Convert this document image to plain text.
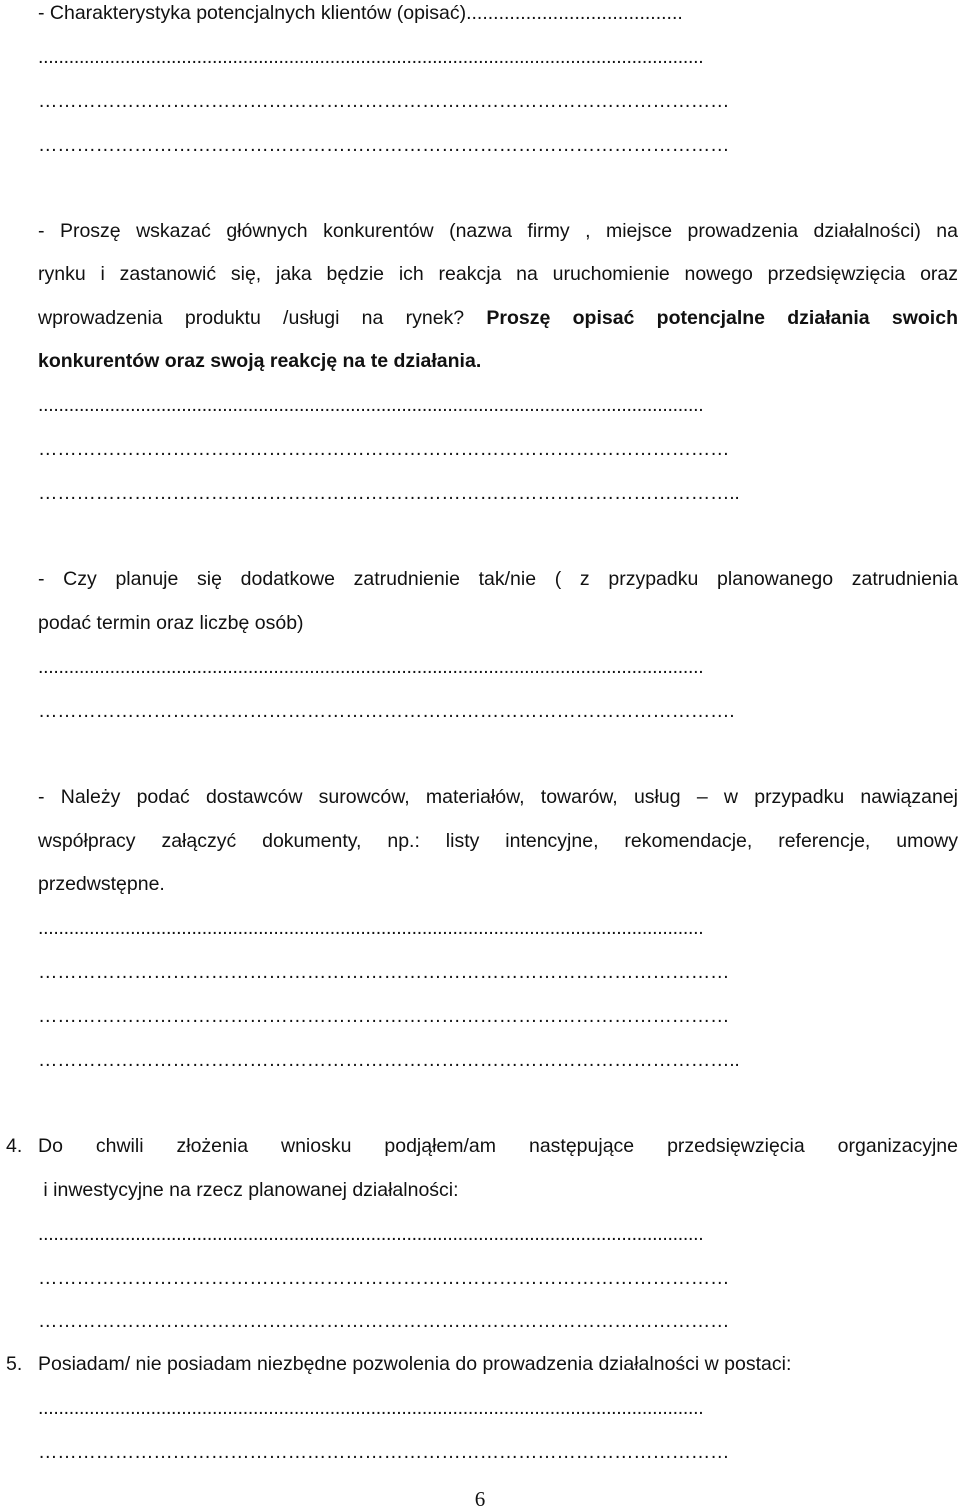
- Charakterystyka potencjalnych klientów (opisać)........................................
..................................................................................................................................
………………………………………………………………………………………………
………………………………………………………………………………………………
- Proszę wskazać głównych konkurentów (nazwa firmy , miejsce prowadzenia działalności) na
rynku i zastanowić się, jaka będzie ich reakcja na uruchomienie nowego przedsięwzięcia oraz
wprowadzenia produktu /usługi na rynek? Proszę opisać potencjalne działania swoich
konkurentów oraz swoją reakcję na te działania.
..................................................................................................................................
………………………………………………………………………………………………
………………………………………………………………………………………………..
- Czy planuje się dodatkowe zatrudnienie tak/nie ( z przypadku planowanego zatrudnienia
podać termin oraz liczbę osób)
..................................................................................................................................
……………………………………………………………………………………………….
- Należy podać dostawców surowców, materiałów, towarów, usług – w przypadku nawiązanej
współpracy załączyć dokumenty, np.: listy intencyjne, rekomendacje, referencje, umowy
przedwstępne.
..................................................................................................................................
………………………………………………………………………………………………
………………………………………………………………………………………………
………………………………………………………………………………………………..
4. Do chwili złożenia wniosku podjąłem/am następujące przedsięwzięcia organizacyjne
i inwestycyjne na rzecz planowanej działalności:
..................................................................................................................................
………………………………………………………………………………………………
………………………………………………………………………………………………
5. Posiadam/ nie posiadam niezbędne pozwolenia do prowadzenia działalności w postaci:
..................................................................................................................................
………………………………………………………………………………………………
6
